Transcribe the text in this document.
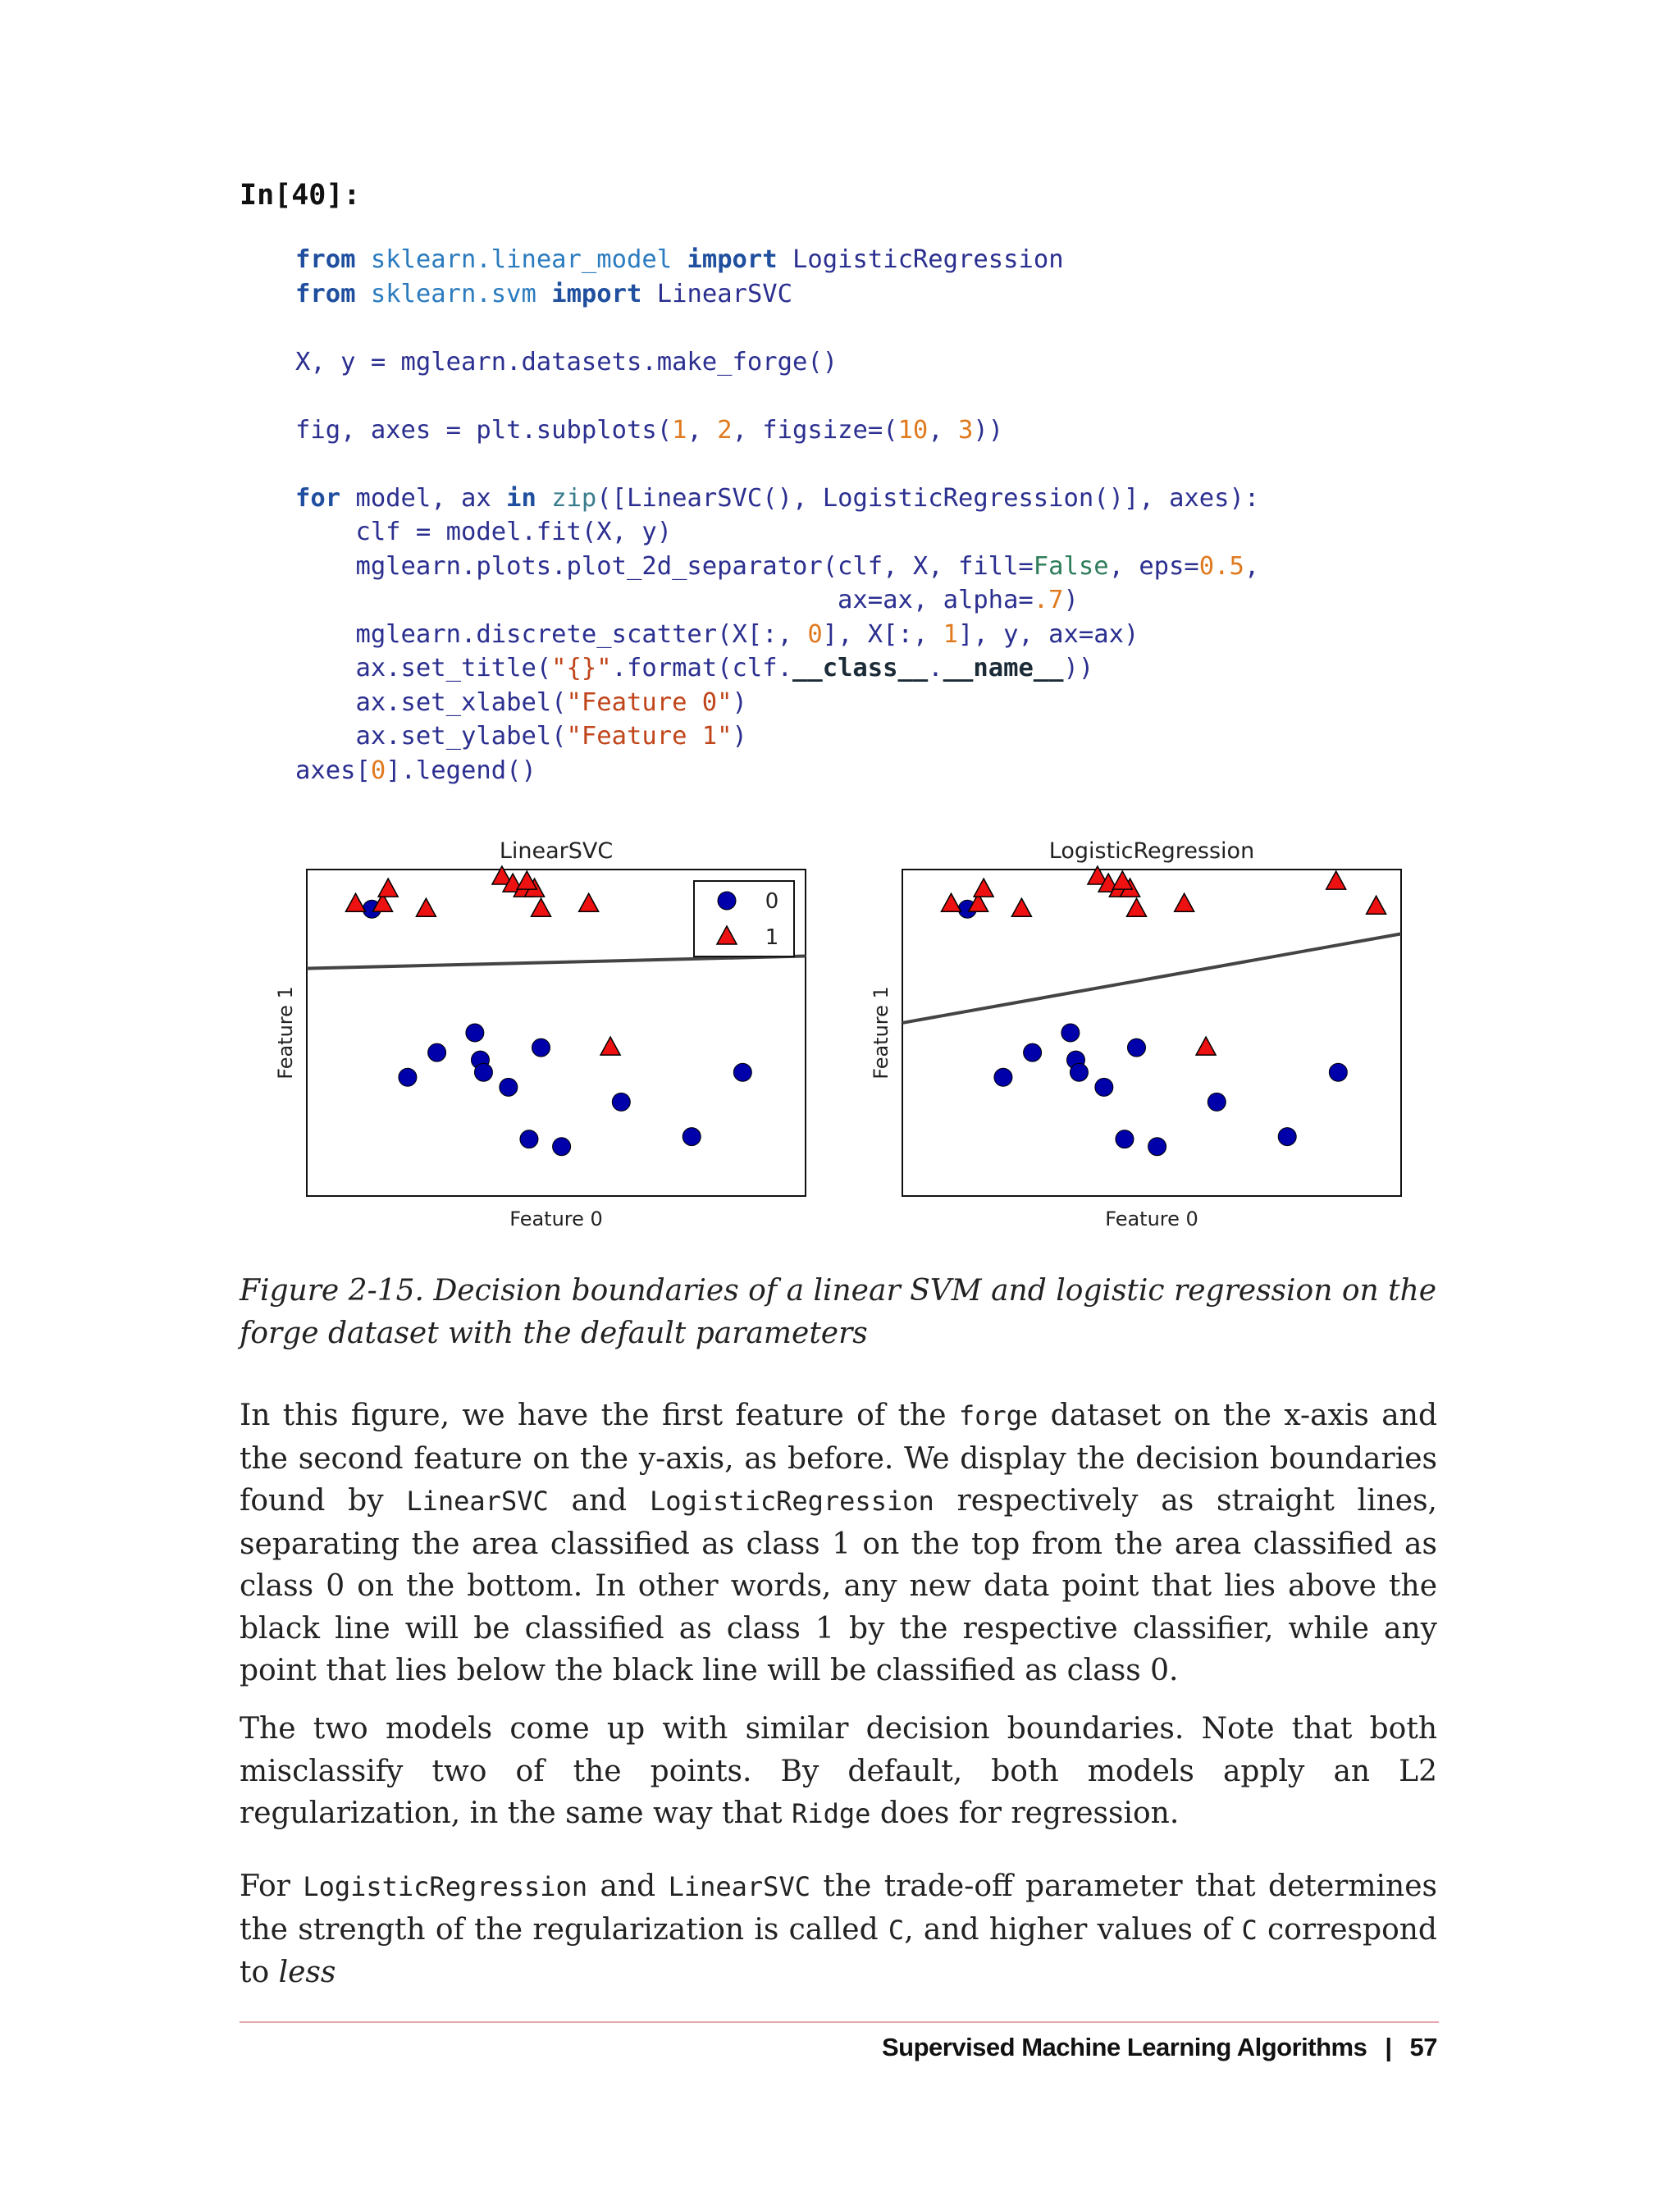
In[40]:
from sklearn.linear_model import LogisticRegression
from sklearn.svm import LinearSVC

X, y = mglearn.datasets.make_forge()

fig, axes = plt.subplots(1, 2, figsize=(10, 3))

for model, ax in zip([LinearSVC(), LogisticRegression()], axes):
clf = model.fit(X, y)
mglearn.plots.plot_2d_separator(clf, X, fill=False, eps=0.5,
ax=ax, alpha=.7)
mglearn.discrete_scatter(X[:, 0], X[:, 1], y, ax=ax)
ax.set_title("{}".format(clf.__class__.__name__))
ax.set_xlabel("Feature 0")
ax.set_ylabel("Feature 1")
axes[0].legend()
LinearSVC
Feature 0
Feature 1
0
1
LogisticRegression
Feature 0
Feature 1
Figure 2-15. Decision boundaries of a linear SVM and logistic regression on the forge dataset with the default parameters

In this figure, we have the first feature of the forge dataset on the x-axis and the second feature on the y-axis, as before. We display the decision boundaries found by LinearSVC and LogisticRegression respectively as straight lines, separating the area classified as class 1 on the top from the area classified as class 0 on the bottom. In other words, any new data point that lies above the black line will be classified as class 1 by the respective classifier, while any point that lies below the black line will be classified as class 0.

The two models come up with similar decision boundaries. Note that both misclassify two of the points. By default, both models apply an L2 regularization, in the same way that Ridge does for regression.

For LogisticRegression and LinearSVC the trade-off parameter that determines the strength of the regularization is called C, and higher values of C correspond to less

Supervised Machine Learning Algorithms | 57
